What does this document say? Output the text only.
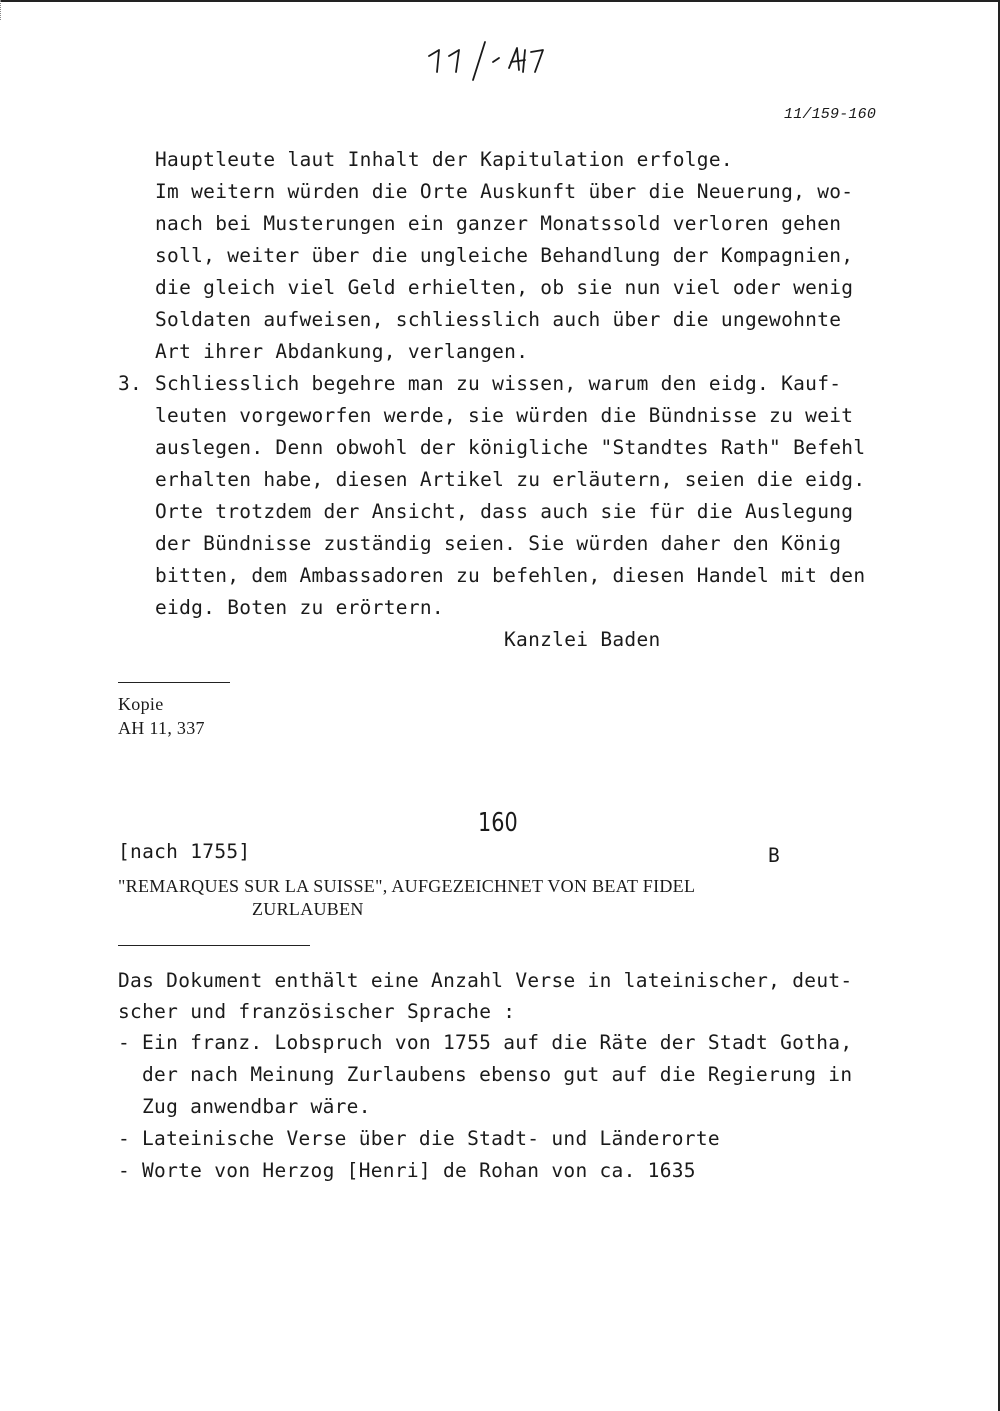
11/159-160
Hauptleute laut Inhalt der Kapitulation erfolge.
Im weitern würden die Orte Auskunft über die Neuerung, wo-
nach bei Musterungen ein ganzer Monatssold verloren gehen
soll, weiter über die ungleiche Behandlung der Kompagnien,
die gleich viel Geld erhielten, ob sie nun viel oder wenig
Soldaten aufweisen, schliesslich auch über die ungewohnte
Art ihrer Abdankung, verlangen.
3. Schliesslich begehre man zu wissen, warum den eidg. Kauf-
leuten vorgeworfen werde, sie würden die Bündnisse zu weit
auslegen. Denn obwohl der königliche "Standtes Rath" Befehl
erhalten habe, diesen Artikel zu erläutern, seien die eidg.
Orte trotzdem der Ansicht, dass auch sie für die Auslegung
der Bündnisse zuständig seien. Sie würden daher den König
bitten, dem Ambassadoren zu befehlen, diesen Handel mit den
eidg. Boten zu erörtern.
Kanzlei Baden
Kopie
AH 11, 337
160
[nach 1755]	B
"REMARQUES SUR LA SUISSE", AUFGEZEICHNET VON BEAT FIDEL
ZURLAUBEN
Das Dokument enthält eine Anzahl Verse in lateinischer, deut-
scher und französischer Sprache :
- Ein franz. Lobspruch von 1755 auf die Räte der Stadt Gotha,
der nach Meinung Zurlaubens ebenso gut auf die Regierung in
Zug anwendbar wäre.
- Lateinische Verse über die Stadt- und Länderorte
- Worte von Herzog [Henri] de Rohan von ca. 1635
